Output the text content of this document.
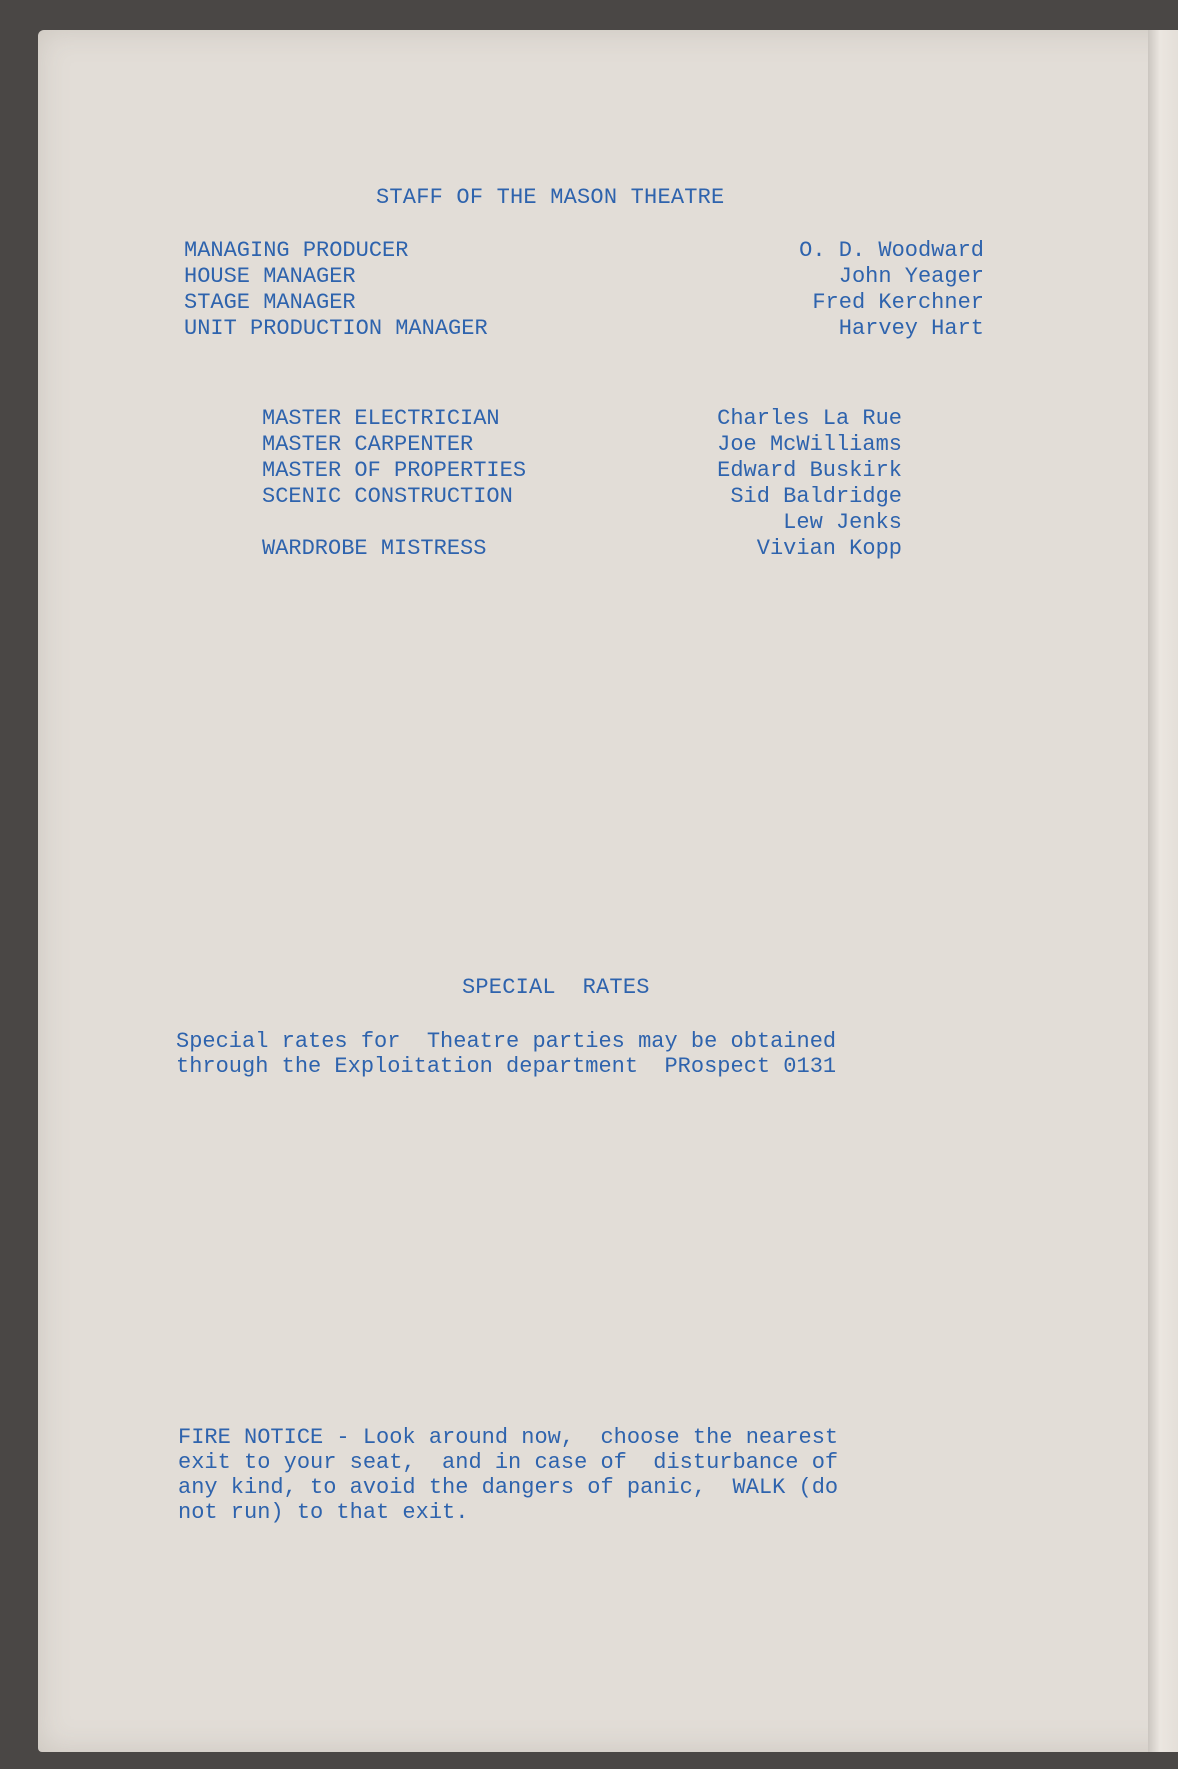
STAFF OF THE MASON THEATRE
MANAGING PRODUCER	O. D. Woodward
HOUSE MANAGER	John Yeager
STAGE MANAGER	Fred Kerchner
UNIT PRODUCTION MANAGER	Harvey Hart
MASTER ELECTRICIAN	Charles La Rue
MASTER CARPENTER	Joe McWilliams
MASTER OF PROPERTIES	Edward Buskirk
SCENIC CONSTRUCTION	Sid Baldridge
Lew Jenks
WARDROBE MISTRESS	Vivian Kopp
SPECIAL  RATES
Special rates for  Theatre parties may be obtained
through the Exploitation department  PRospect 0131
FIRE NOTICE - Look around now,  choose the nearest
exit to your seat,  and in case of  disturbance of
any kind, to avoid the dangers of panic,  WALK (do
not run) to that exit.
